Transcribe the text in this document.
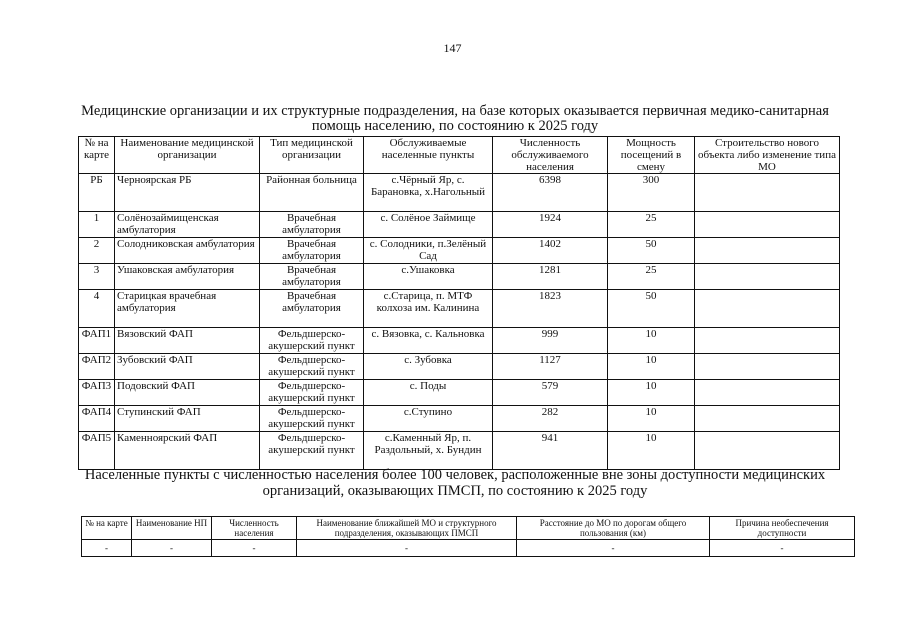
147
Медицинские организации и их структурные подразделения, на базе которых оказывается первичная медико-санитарная помощь населению, по состоянию к 2025 году
№ на карте	Наименование медицинской организации	Тип медицинской организации	Обслуживаемые населенные пункты	Численность обслуживаемого населения	Мощность посещений в смену	Строительство нового объекта либо изменение типа МО
РБ	Черноярская РБ	Районная больница	с.Чёрный Яр, с. Барановка, х.Нагольный	6398	300	
1	Солёнозаймищенская амбулатория	Врачебная амбулатория	с. Солёное Займище	1924	25	
2	Солодниковская амбулатория	Врачебная амбулатория	с. Солодники, п.Зелёный Сад	1402	50	
3	Ушаковская амбулатория	Врачебная амбулатория	с.Ушаковка	1281	25	
4	Старицкая врачебная амбулатория	Врачебная амбулатория	с.Старица, п. МТФ колхоза им. Калинина	1823	50	
ФАП1	Вязовский ФАП	Фельдшерско-акушерский пункт	с. Вязовка, с. Кальновка	999	10	
ФАП2	Зубовский ФАП	Фельдшерско-акушерский пункт	с. Зубовка	1127	10	
ФАП3	Подовский ФАП	Фельдшерско-акушерский пункт	с. Поды	579	10	
ФАП4	Ступинский ФАП	Фельдшерско-акушерский пункт	с.Ступино	282	10	
ФАП5	Каменноярский ФАП	Фельдшерско-акушерский пункт	с.Каменный Яр, п. Раздольный, х. Бундин	941	10	
Населенные пункты с численностью населения более 100 человек, расположенные вне зоны доступности медицинских организаций, оказывающих ПМСП, по состоянию к 2025 году
№ на карте	Наименование НП	Численность населения	Наименование ближайшей МО и структурного подразделения, оказывающих ПМСП	Расстояние до МО по дорогам общего пользования (км)	Причина необеспечения доступности
-	-	-	-	-	-
